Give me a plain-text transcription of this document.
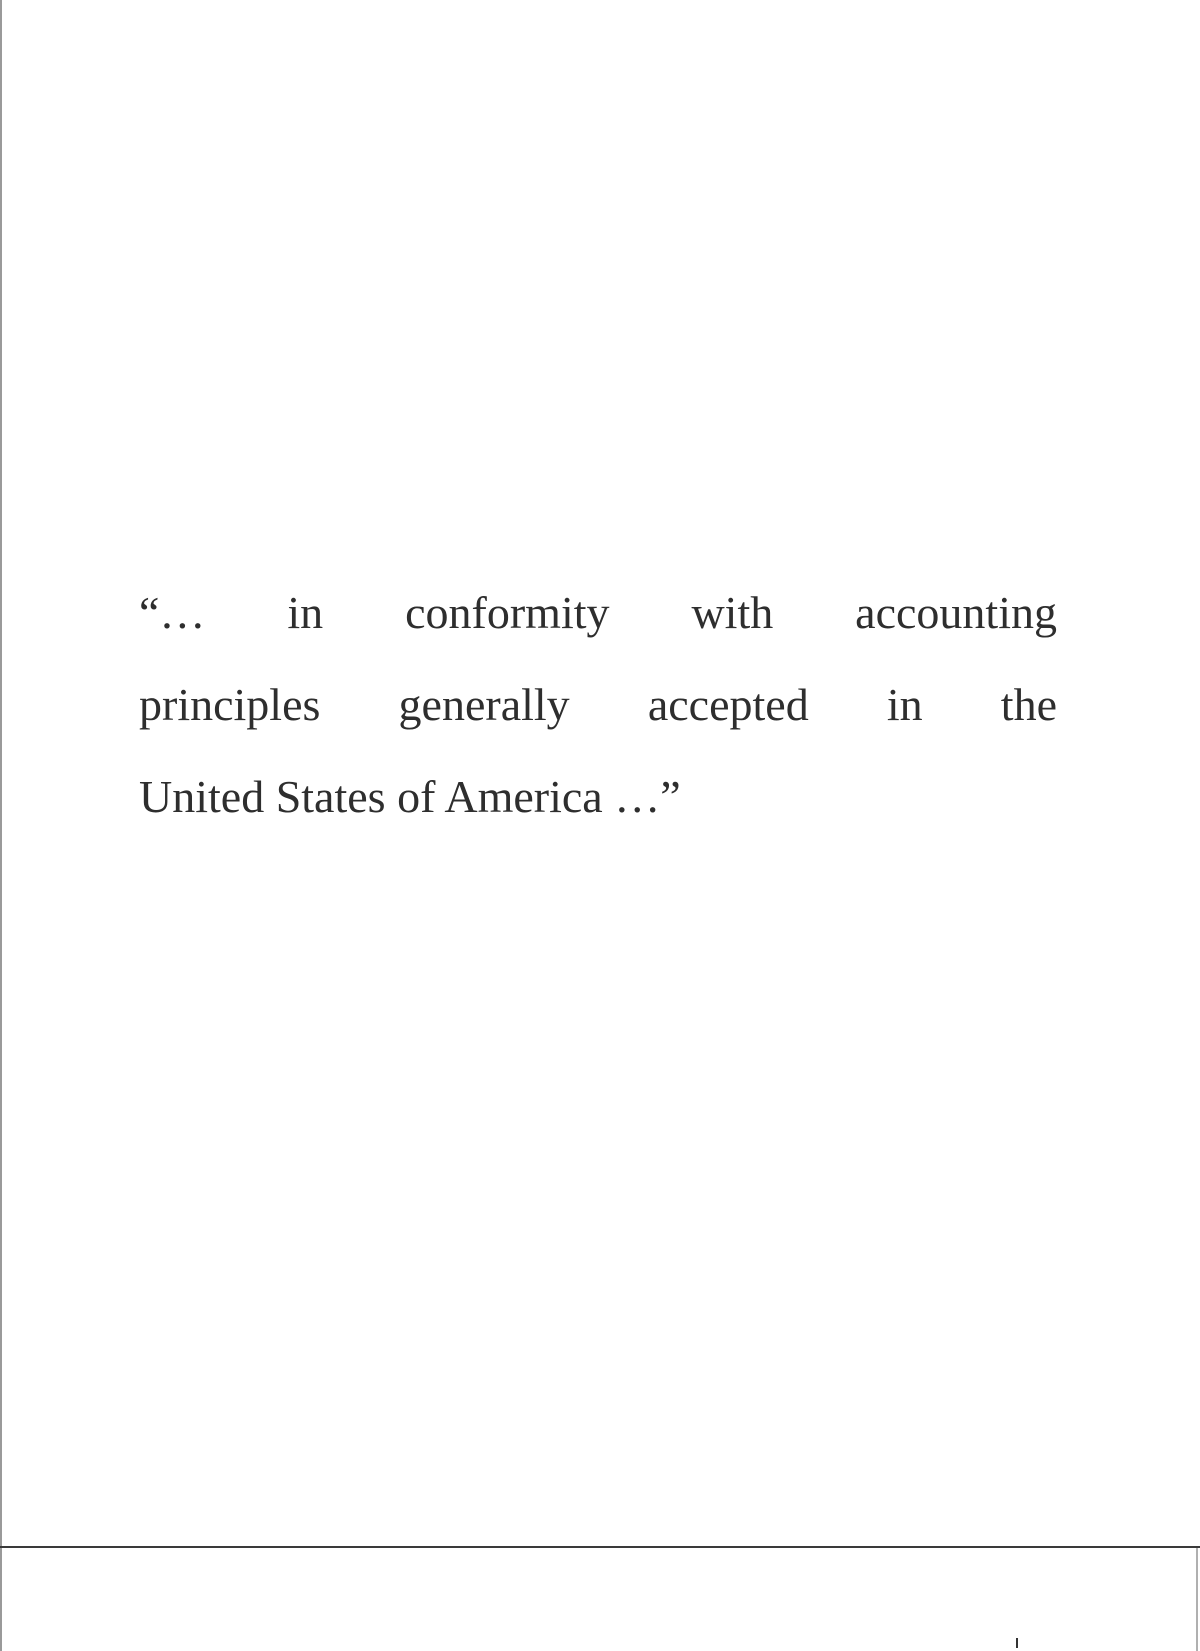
“… in conformity with accounting
principles generally accepted in the
United States of America …”
